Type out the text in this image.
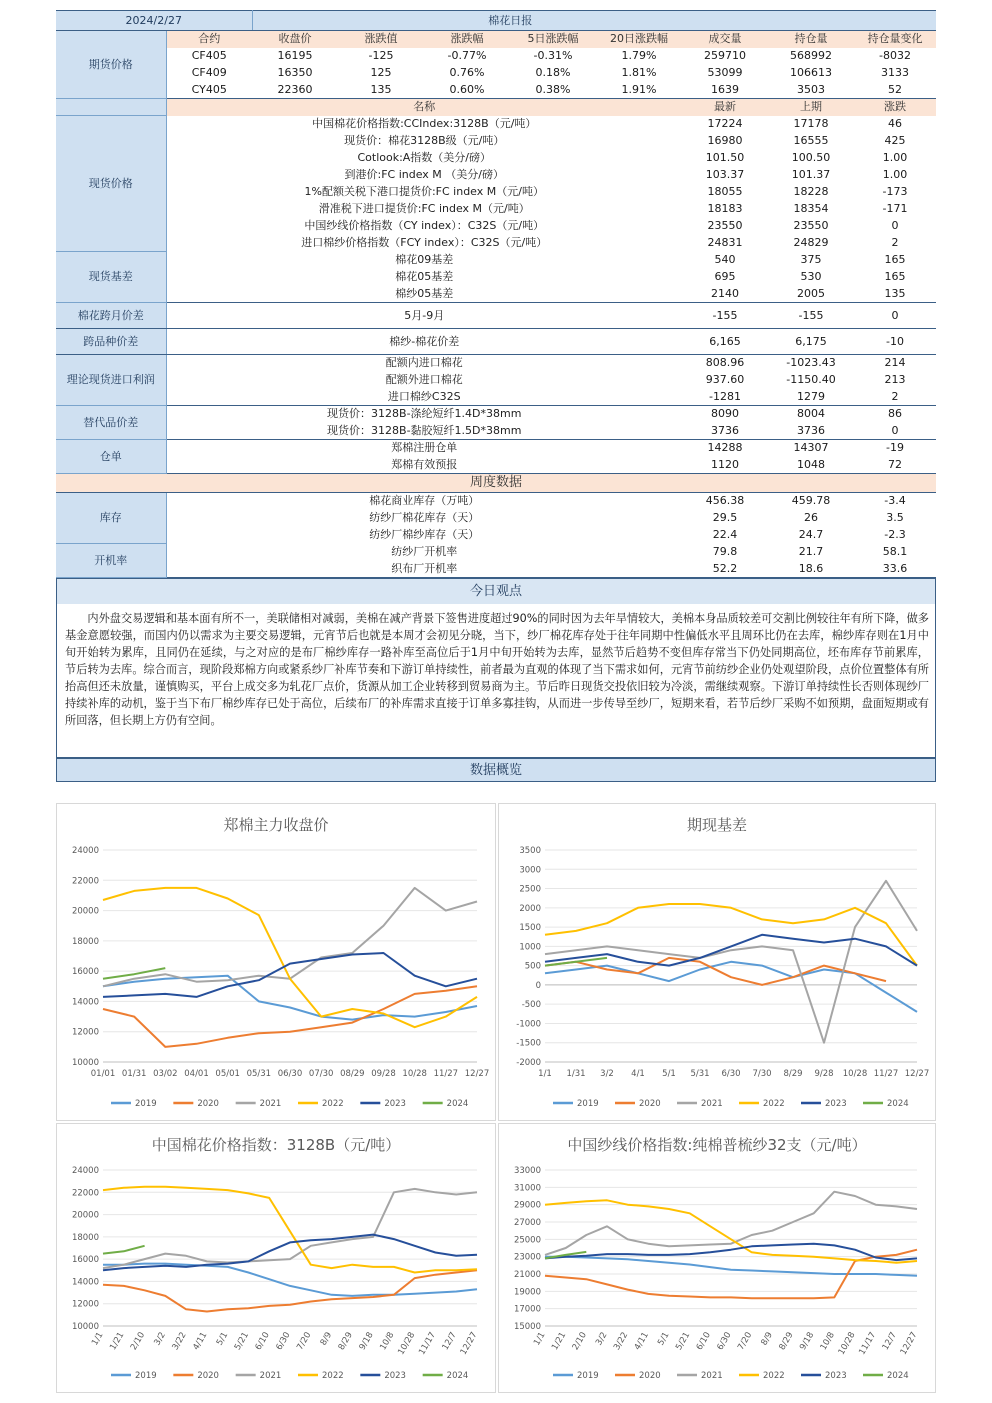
2024/2/27		棉花日报							
期货价格	合约	收盘价	涨跌值	涨跌幅	5日涨跌幅	20日涨跌幅	成交量	持仓量	持仓量变化
	CF405	16195	-125	-0.77%	-0.31%	1.79%	259710	568992	-8032
	CF409	16350	125	0.76%	0.18%	1.81%	53099	106613	3133
	CY405	22360	135	0.60%	0.38%	1.91%	1639	3503	52
	名称						最新	上期	涨跌
现货价格	中国棉花价格指数:CCIndex:3128B（元/吨）						17224	17178	46
	现货价：棉花3128B级（元/吨）						16980	16555	425
	Cotlook:A指数（美分/磅）						101.50	100.50	1.00
	到港价:FC index M （美分/磅）						103.37	101.37	1.00
	1%配额关税下港口提货价:FC index M（元/吨）						18055	18228	-173
	滑准税下进口提货价:FC index M（元/吨）						18183	18354	-171
	中国纱线价格指数（CY index）：C32S（元/吨）						23550	23550	0
	进口棉纱价格指数（FCY index）：C32S（元/吨）						24831	24829	2
现货基差	棉花09基差						540	375	165
	棉花05基差						695	530	165
	棉纱05基差						2140	2005	135
棉花跨月价差	5月-9月						-155	-155	0
跨品种价差	棉纱-棉花价差						6,165	6,175	-10
理论现货进口利润	配额内进口棉花						808.96	-1023.43	214
	配额外进口棉花						937.60	-1150.40	213
	进口棉纱C32S						-1281	1279	2
替代品价差	现货价：3128B-涤纶短纤1.4D*38mm						8090	8004	86
	现货价：3128B-黏胶短纤1.5D*38mm						3736	3736	0
仓单	郑棉注册仓单						14288	14307	-19
	郑棉有效预报						1120	1048	72
周度数据									
库存	棉花商业库存（万吨）						456.38	459.78	-3.4
	纺纱厂棉花库存（天）						29.5	26	3.5
	纺纱厂棉纱库存（天）						22.4	24.7	-2.3
开机率	纺纱厂开机率						79.8	21.7	58.1
	织布厂开机率						52.2	18.6	33.6
今日观点
内外盘交易逻辑和基本面有所不一，美联储相对减弱，美棉在减产背景下签售进度超过90%的同时因为去年旱情较大，美棉本身品质较差可交割比例较往年有所下降，做多基金意愿较强，而国内仍以需求为主要交易逻辑，元宵节后也就是本周才会初见分晓，当下，纱厂棉花库存处于往年同期中性偏低水平且周环比仍在去库，棉纱库存则在1月中旬开始转为累库，且同仍在延续，与之对应的是布厂棉纱库存一路补库至高位后于1月中旬开始转为去库，显然节后趋势不变但库存常当下仍处同期高位，坯布库存节前累库，节后转为去库。综合而言，现阶段郑棉方向或紧系纱厂补库节奏和下游订单持续性，前者最为直观的体现了当下需求如何，元宵节前纺纱企业仍处观望阶段，点价位置整体有所抬高但还未放量，谨慎购买，平台上成交多为轧花厂点价，货源从加工企业转移到贸易商为主。节后昨日现货交投依旧较为冷淡，需继续观察。下游订单持续性长否则体现纱厂持续补库的动机，鉴于当下布厂棉纱库存已处于高位，后续布厂的补库需求直接于订单多寡挂钩，从而进一步传导至纱厂，短期来看，若节后纱厂采购不如预期，盘面短期或有所回落，但长期上方仍有空间。
数据概览
郑棉主力收盘价
10000
12000
14000
16000
18000
20000
22000
24000
01/01 01/31 03/02 04/01 05/01 05/31 06/30 07/30 08/29 09/28 10/28 11/27 12/27
2019	2020	2021	2022	2023	2024
期现基差
-2000
-1500
-1000
-500
0
500
1000
1500
2000
2500
3000
3500
1/1 1/31 3/2 4/1 5/1 5/31 6/30 7/30 8/29 9/28 10/28 11/27 12/27
2019	2020	2021	2022	2023	2024
中国棉花价格指数：3128B（元/吨）
10000
12000
14000
16000
18000
20000
22000
24000
1/1 1/21 2/10 3/2 3/22 4/11 5/1 5/21 6/10 6/30 7/20 8/9 8/29 9/18 10/8 10/28 11/17 12/7 12/27
2019	2020	2021	2022	2023	2024
中国纱线价格指数:纯棉普梳纱32支（元/吨）
15000
17000
19000
21000
23000
25000
27000
29000
31000
33000
1/1 1/21 2/10 3/2 3/22 4/11 5/1 5/21 6/10 6/30 7/20 8/9 8/29 9/18 10/8 10/28 11/17 12/7 12/27
2019	2020	2021	2022	2023	2024
